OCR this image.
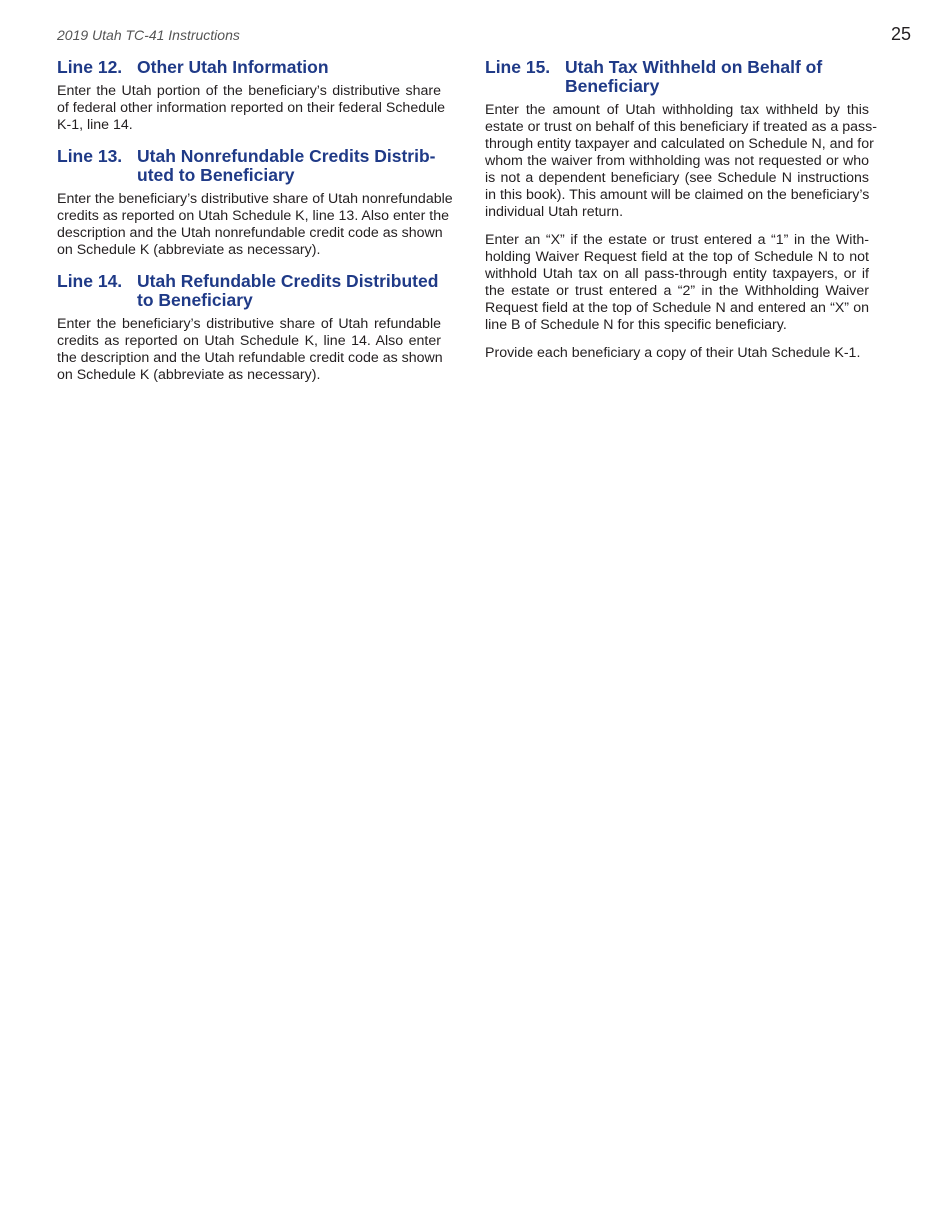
2019 Utah TC-41 Instructions	25
Line 12. Other Utah Information
Enter the Utah portion of the beneficiary’s distributive share
of federal other information reported on their federal Schedule
K-1, line 14.
Line 13. Utah Nonrefundable Credits Distrib-
uted to Beneficiary
Enter the beneficiary’s distributive share of Utah nonrefundable
credits as reported on Utah Schedule K, line 13. Also enter the
description and the Utah nonrefundable credit code as shown
on Schedule K (abbreviate as necessary).
Line 14. Utah Refundable Credits Distributed
to Beneficiary
Enter the beneficiary’s distributive share of Utah refundable
credits as reported on Utah Schedule K, line 14. Also enter
the description and the Utah refundable credit code as shown
on Schedule K (abbreviate as necessary).
Line 15. Utah Tax Withheld on Behalf of
Beneficiary
Enter the amount of Utah withholding tax withheld by this
estate or trust on behalf of this beneficiary if treated as a pass-
through entity taxpayer and calculated on Schedule N, and for
whom the waiver from withholding was not requested or who
is not a dependent beneficiary (see Schedule N instructions
in this book). This amount will be claimed on the beneficiary’s
individual Utah return.
Enter an “X” if the estate or trust entered a “1” in the With-
holding Waiver Request field at the top of Schedule N to not
withhold Utah tax on all pass-through entity taxpayers, or if
the estate or trust entered a “2” in the Withholding Waiver
Request field at the top of Schedule N and entered an “X” on
line B of Schedule N for this specific beneficiary.
Provide each beneficiary a copy of their Utah Schedule K-1.
